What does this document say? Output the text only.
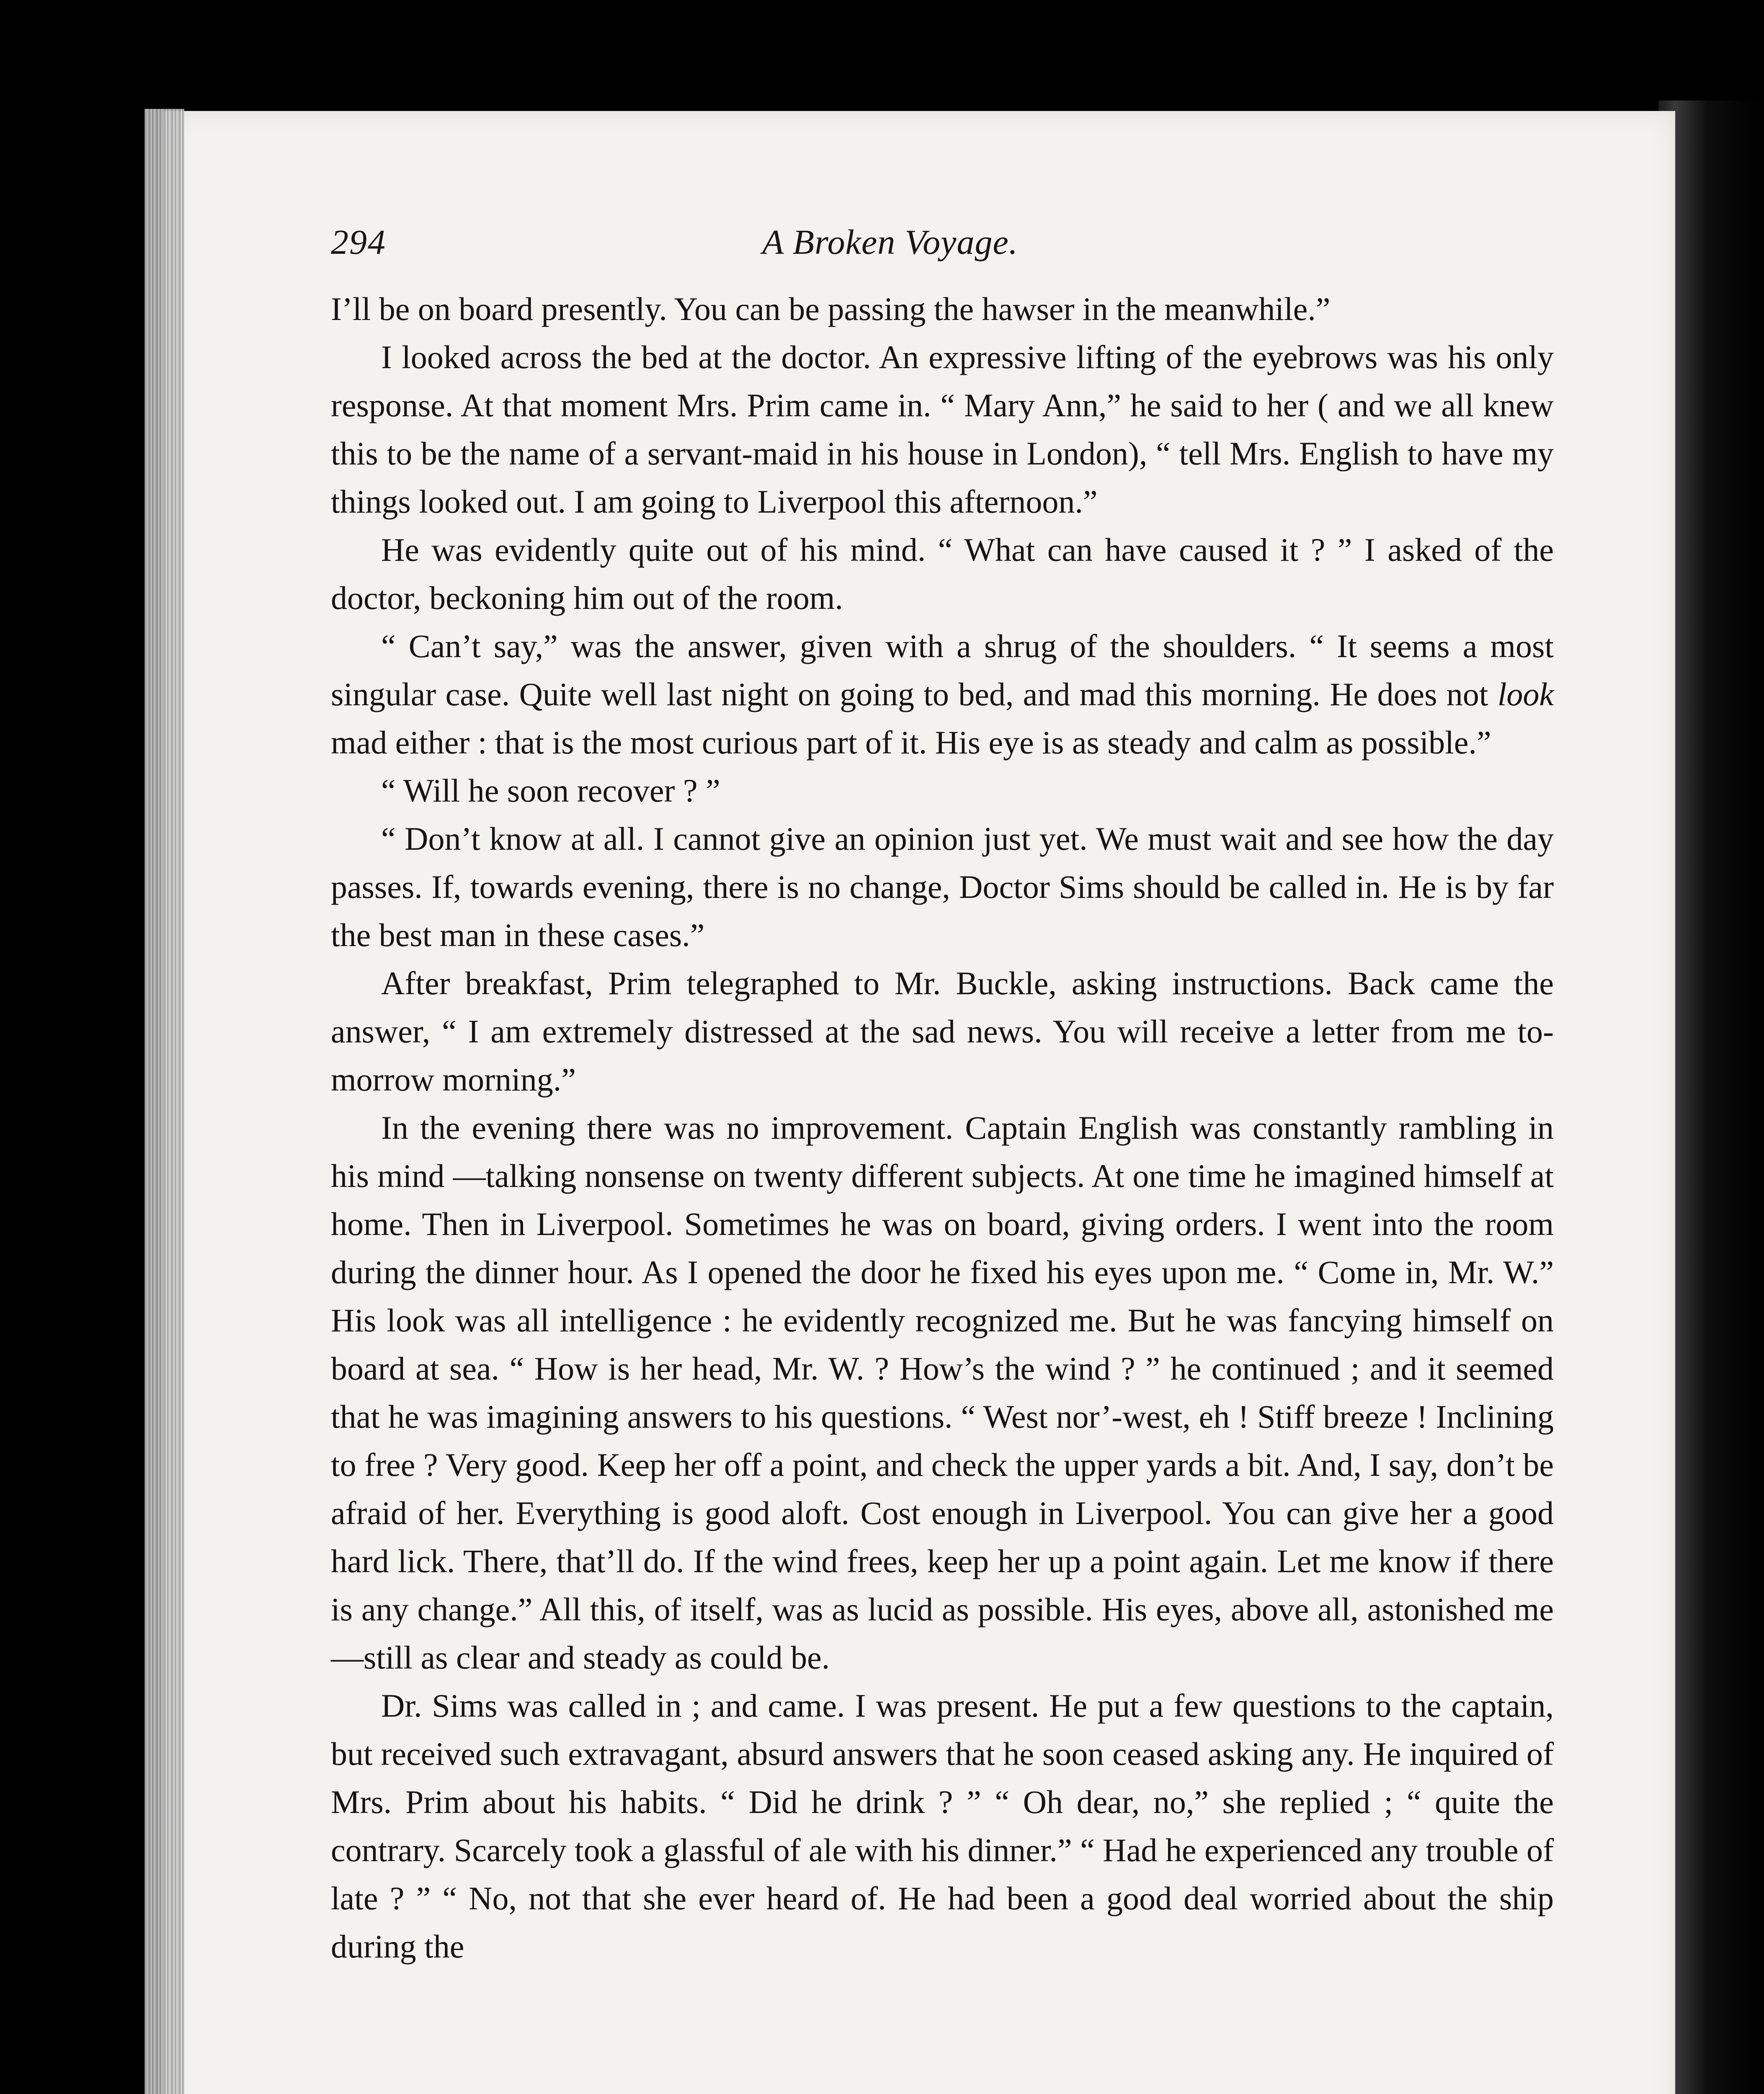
294	A Broken Voyage.

I’ll be on board presently. You can be passing the hawser in the meanwhile.”

I looked across the bed at the doctor. An expressive lifting of the eyebrows was his only response. At that moment Mrs. Prim came in. “ Mary Ann,” he said to her ( and we all knew this to be the name of a servant-maid in his house in London), “ tell Mrs. English to have my things looked out. I am going to Liverpool this afternoon.”

He was evidently quite out of his mind. “ What can have caused it ? ” I asked of the doctor, beckoning him out of the room.

“ Can’t say,” was the answer, given with a shrug of the shoulders. “ It seems a most singular case. Quite well last night on going to bed, and mad this morning. He does not look mad either : that is the most curious part of it. His eye is as steady and calm as possible.”

“ Will he soon recover ? ”

“ Don’t know at all. I cannot give an opinion just yet. We must wait and see how the day passes. If, towards evening, there is no change, Doctor Sims should be called in. He is by far the best man in these cases.”

After breakfast, Prim telegraphed to Mr. Buckle, asking instructions. Back came the answer, “ I am extremely distressed at the sad news. You will receive a letter from me to-morrow morning.”

In the evening there was no improvement. Captain English was constantly rambling in his mind —talking nonsense on twenty different subjects. At one time he imagined himself at home. Then in Liverpool. Sometimes he was on board, giving orders. I went into the room during the dinner hour. As I opened the door he fixed his eyes upon me. “ Come in, Mr. W.” His look was all intelligence : he evidently recognized me. But he was fancying himself on board at sea. “ How is her head, Mr. W. ? How’s the wind ? ” he continued ; and it seemed that he was imagining answers to his questions. “ West nor’-west, eh ! Stiff breeze ! Inclining to free ? Very good. Keep her off a point, and check the upper yards a bit. And, I say, don’t be afraid of her. Everything is good aloft. Cost enough in Liverpool. You can give her a good hard lick. There, that’ll do. If the wind frees, keep her up a point again. Let me know if there is any change.” All this, of itself, was as lucid as possible. His eyes, above all, astonished me—still as clear and steady as could be.

Dr. Sims was called in ; and came. I was present. He put a few questions to the captain, but received such extravagant, absurd answers that he soon ceased asking any. He inquired of Mrs. Prim about his habits. “ Did he drink ? ” “ Oh dear, no,” she replied ; “ quite the contrary. Scarcely took a glassful of ale with his dinner.” “ Had he experienced any trouble of late ? ” “ No, not that she ever heard of. He had been a good deal worried about the ship during the
